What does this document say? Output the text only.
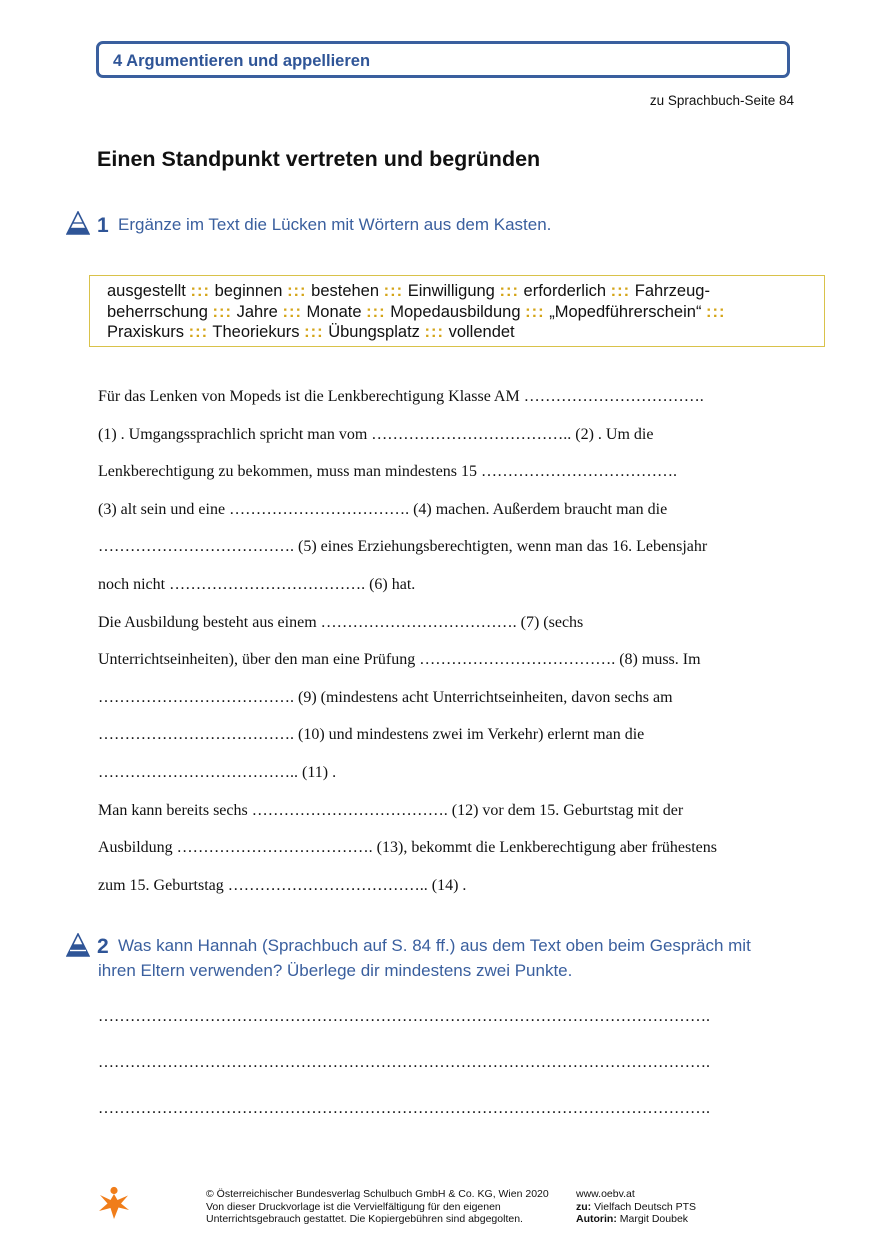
4 Argumentieren und appellieren
zu Sprachbuch-Seite 84
Einen Standpunkt vertreten und begründen
1 Ergänze im Text die Lücken mit Wörtern aus dem Kasten.
ausgestellt ::: beginnen ::: bestehen ::: Einwilligung ::: erforderlich ::: Fahrzeug-
beherrschung ::: Jahre ::: Monate ::: Mopedausbildung ::: „Mopedführerschein“ :::
Praxiskurs ::: Theoriekurs ::: Übungsplatz ::: vollendet
Für das Lenken von Mopeds ist die Lenkberechtigung Klasse AM …………………………….
(1) . Umgangssprachlich spricht man vom ……………………………….. (2) . Um die
Lenkberechtigung zu bekommen, muss man mindestens 15 ……………………………….
(3) alt sein und eine ……………………………. (4) machen. Außerdem braucht man die
………………………………. (5) eines Erziehungsberechtigten, wenn man das 16. Lebensjahr
noch nicht ………………………………. (6) hat.
Die Ausbildung besteht aus einem ………………………………. (7) (sechs
Unterrichtseinheiten), über den man eine Prüfung ………………………………. (8) muss. Im
………………………………. (9) (mindestens acht Unterrichtseinheiten, davon sechs am
………………………………. (10) und mindestens zwei im Verkehr) erlernt man die
……………………………….. (11) .
Man kann bereits sechs ………………………………. (12) vor dem 15. Geburtstag mit der
Ausbildung ………………………………. (13), bekommt die Lenkberechtigung aber frühestens
zum 15. Geburtstag ……………………………….. (14) .
2 Was kann Hannah (Sprachbuch auf S. 84 ff.) aus dem Text oben beim Gespräch mit
ihren Eltern verwenden? Überlege dir mindestens zwei Punkte.
…………………………………………………………………………………………………….
…………………………………………………………………………………………………….
…………………………………………………………………………………………………….
© Österreichischer Bundesverlag Schulbuch GmbH & Co. KG, Wien 2020
Von dieser Druckvorlage ist die Vervielfältigung für den eigenen
Unterrichtsgebrauch gestattet. Die Kopiergebühren sind abgegolten.
www.oebv.at
zu: Vielfach Deutsch PTS
Autorin: Margit Doubek
